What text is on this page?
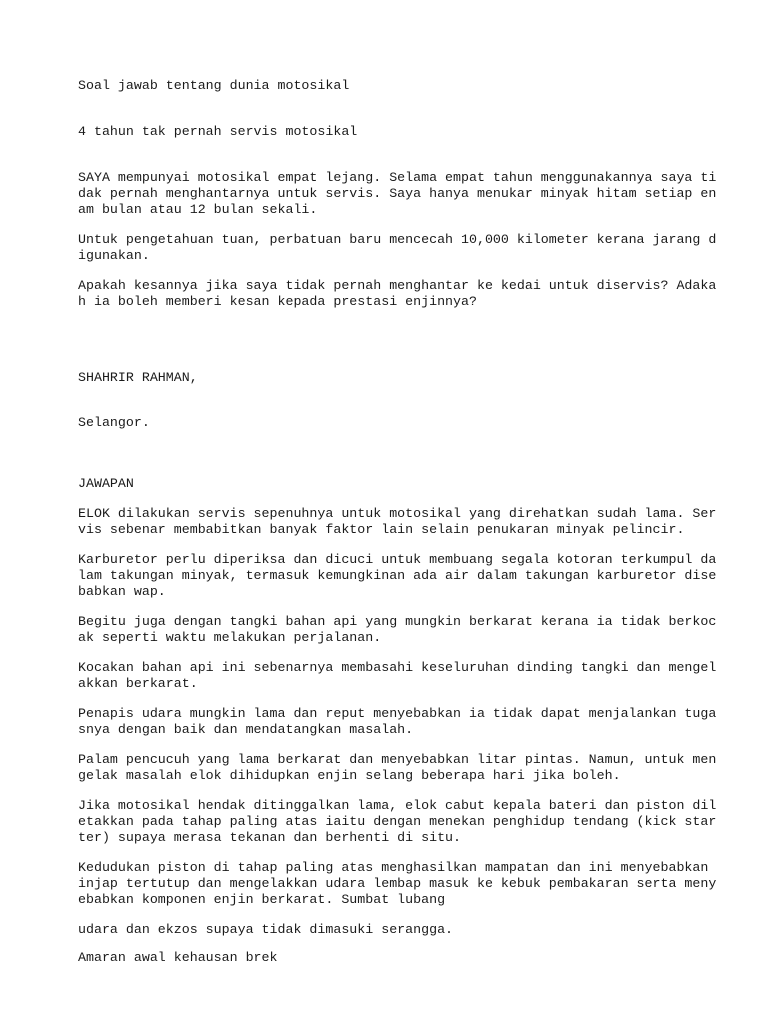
Soal jawab tentang dunia motosikal
4 tahun tak pernah servis motosikal
SAYA mempunyai motosikal empat lejang. Selama empat tahun menggunakannya saya ti
dak pernah menghantarnya untuk servis. Saya hanya menukar minyak hitam setiap en
am bulan atau 12 bulan sekali.
Untuk pengetahuan tuan, perbatuan baru mencecah 10,000 kilometer kerana jarang d
igunakan.
Apakah kesannya jika saya tidak pernah menghantar ke kedai untuk diservis? Adaka
h ia boleh memberi kesan kepada prestasi enjinnya?
SHAHRIR RAHMAN,
Selangor.
JAWAPAN
ELOK dilakukan servis sepenuhnya untuk motosikal yang direhatkan sudah lama. Ser
vis sebenar membabitkan banyak faktor lain selain penukaran minyak pelincir.
Karburetor perlu diperiksa dan dicuci untuk membuang segala kotoran terkumpul da
lam takungan minyak, termasuk kemungkinan ada air dalam takungan karburetor dise
babkan wap.
Begitu juga dengan tangki bahan api yang mungkin berkarat kerana ia tidak berkoc
ak seperti waktu melakukan perjalanan.
Kocakan bahan api ini sebenarnya membasahi keseluruhan dinding tangki dan mengel
akkan berkarat.
Penapis udara mungkin lama dan reput menyebabkan ia tidak dapat menjalankan tuga
snya dengan baik dan mendatangkan masalah.
Palam pencucuh yang lama berkarat dan menyebabkan litar pintas. Namun, untuk men
gelak masalah elok dihidupkan enjin selang beberapa hari jika boleh.
Jika motosikal hendak ditinggalkan lama, elok cabut kepala bateri dan piston dil
etakkan pada tahap paling atas iaitu dengan menekan penghidup tendang (kick star
ter) supaya merasa tekanan dan berhenti di situ.
Kedudukan piston di tahap paling atas menghasilkan mampatan dan ini menyebabkan
injap tertutup dan mengelakkan udara lembap masuk ke kebuk pembakaran serta meny
ebabkan komponen enjin berkarat. Sumbat lubang
udara dan ekzos supaya tidak dimasuki serangga.
Amaran awal kehausan brek
